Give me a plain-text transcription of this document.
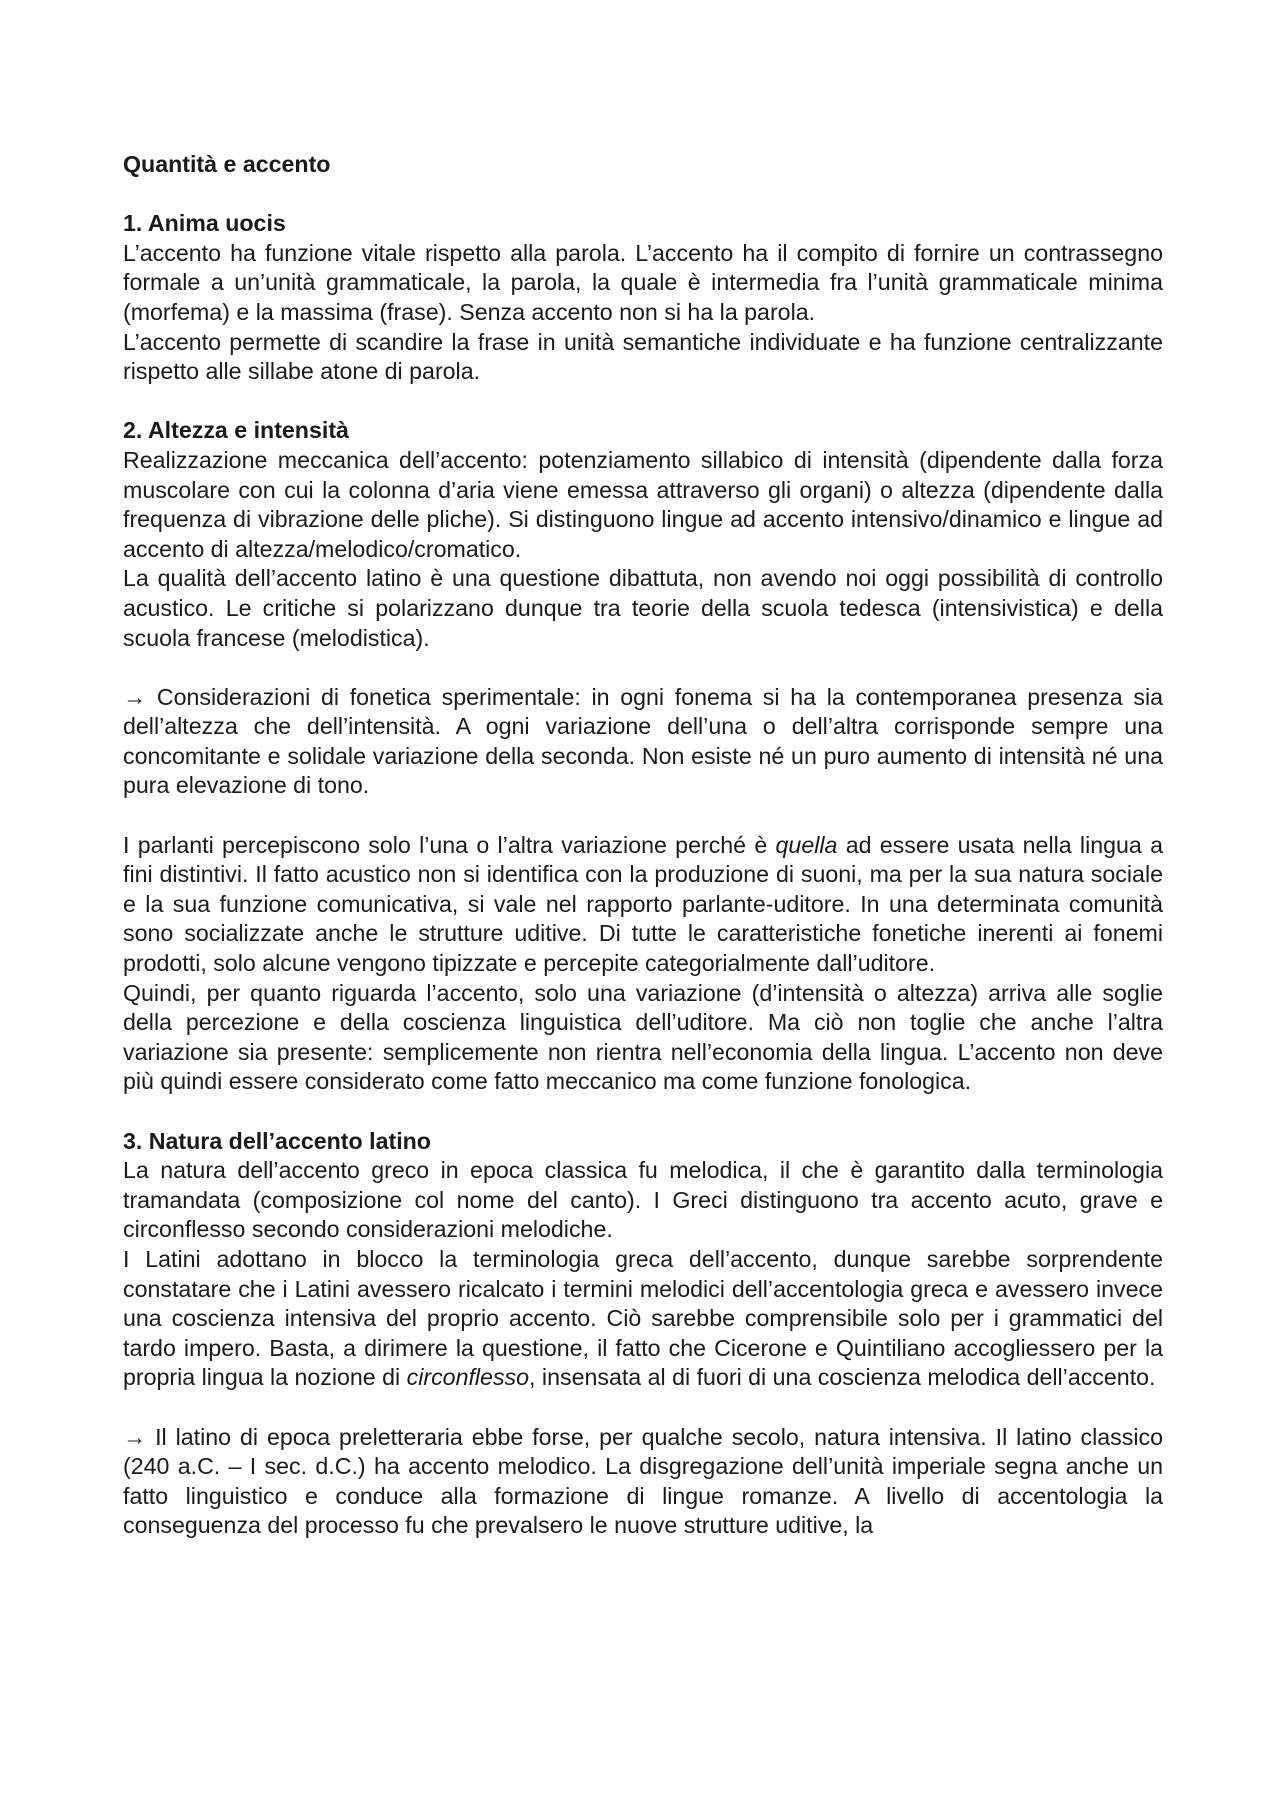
Quantità e accento

1. Anima uocis

L’accento ha funzione vitale rispetto alla parola. L’accento ha il compito di fornire un contrassegno formale a un’unità grammaticale, la parola, la quale è intermedia fra l’unità grammaticale minima (morfema) e la massima (frase). Senza accento non si ha la parola.

L’accento permette di scandire la frase in unità semantiche individuate e ha funzione centralizzante rispetto alle sillabe atone di parola.

2. Altezza e intensità

Realizzazione meccanica dell’accento: potenziamento sillabico di intensità (dipendente dalla forza muscolare con cui la colonna d’aria viene emessa attraverso gli organi) o altezza (dipendente dalla frequenza di vibrazione delle pliche). Si distinguono lingue ad accento intensivo/dinamico e lingue ad accento di altezza/melodico/cromatico.

La qualità dell’accento latino è una questione dibattuta, non avendo noi oggi possibilità di controllo acustico. Le critiche si polarizzano dunque tra teorie della scuola tedesca (intensivistica) e della scuola francese (melodistica).

→ Considerazioni di fonetica sperimentale: in ogni fonema si ha la contemporanea presenza sia dell’altezza che dell’intensità. A ogni variazione dell’una o dell’altra corrisponde sempre una concomitante e solidale variazione della seconda. Non esiste né un puro aumento di intensità né una pura elevazione di tono.

I parlanti percepiscono solo l’una o l’altra variazione perché è quella ad essere usata nella lingua a fini distintivi. Il fatto acustico non si identifica con la produzione di suoni, ma per la sua natura sociale e la sua funzione comunicativa, si vale nel rapporto parlante-uditore. In una determinata comunità sono socializzate anche le strutture uditive. Di tutte le caratteristiche fonetiche inerenti ai fonemi prodotti, solo alcune vengono tipizzate e percepite categorialmente dall’uditore.

Quindi, per quanto riguarda l’accento, solo una variazione (d’intensità o altezza) arriva alle soglie della percezione e della coscienza linguistica dell’uditore. Ma ciò non toglie che anche l’altra variazione sia presente: semplicemente non rientra nell’economia della lingua. L’accento non deve più quindi essere considerato come fatto meccanico ma come funzione fonologica.

3. Natura dell’accento latino

La natura dell’accento greco in epoca classica fu melodica, il che è garantito dalla terminologia tramandata (composizione col nome del canto). I Greci distinguono tra accento acuto, grave e circonflesso secondo considerazioni melodiche.

I Latini adottano in blocco la terminologia greca dell’accento, dunque sarebbe sorprendente constatare che i Latini avessero ricalcato i termini melodici dell’accentologia greca e avessero invece una coscienza intensiva del proprio accento. Ciò sarebbe comprensibile solo per i grammatici del tardo impero. Basta, a dirimere la questione, il fatto che Cicerone e Quintiliano accogliessero per la propria lingua la nozione di circonflesso, insensata al di fuori di una coscienza melodica dell’accento.

→ Il latino di epoca preletteraria ebbe forse, per qualche secolo, natura intensiva. Il latino classico (240 a.C. – I sec. d.C.) ha accento melodico. La disgregazione dell’unità imperiale segna anche un fatto linguistico e conduce alla formazione di lingue romanze. A livello di accentologia la conseguenza del processo fu che prevalsero le nuove strutture uditive, la
